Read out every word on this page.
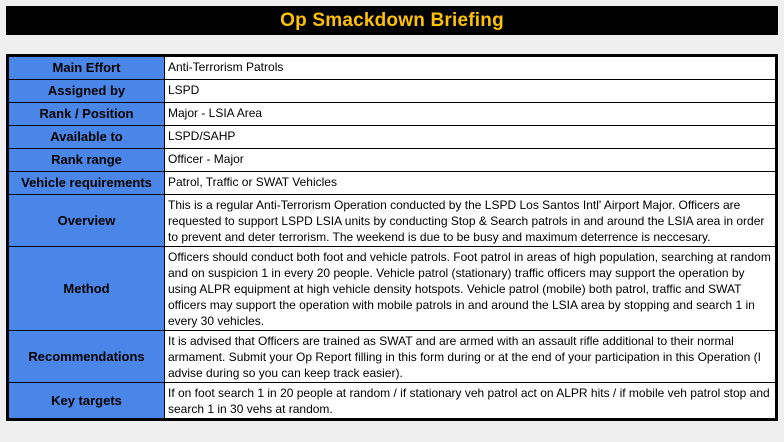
Op Smackdown Briefing
Main Effort	Anti-Terrorism Patrols
Assigned by	LSPD
Rank / Position	Major - LSIA Area
Available to	LSPD/SAHP
Rank range	Officer - Major
Vehicle requirements	Patrol, Traffic or SWAT Vehicles
Overview	This is a regular Anti-Terrorism Operation conducted by the LSPD Los Santos Intl' Airport Major. Officers are requested to support LSPD LSIA units by conducting Stop & Search patrols in and around the LSIA area in order to prevent and deter terrorism. The weekend is due to be busy and maximum deterrence is neccesary.
Method	Officers should conduct both foot and vehicle patrols. Foot patrol in areas of high population, searching at random and on suspicion 1 in every 20 people. Vehicle patrol (stationary) traffic officers may support the operation by using ALPR equipment at high vehicle density hotspots. Vehicle patrol (mobile) both patrol, traffic and SWAT officers may support the operation with mobile patrols in and around the LSIA area by stopping and search 1 in every 30 vehicles.
Recommendations	It is advised that Officers are trained as SWAT and are armed with an assault rifle additional to their normal armament. Submit your Op Report filling in this form during or at the end of your participation in this Operation (I advise during so you can keep track easier).
Key targets	If on foot search 1 in 20 people at random / if stationary veh patrol act on ALPR hits / if mobile veh patrol stop and search 1 in 30 vehs at random.
